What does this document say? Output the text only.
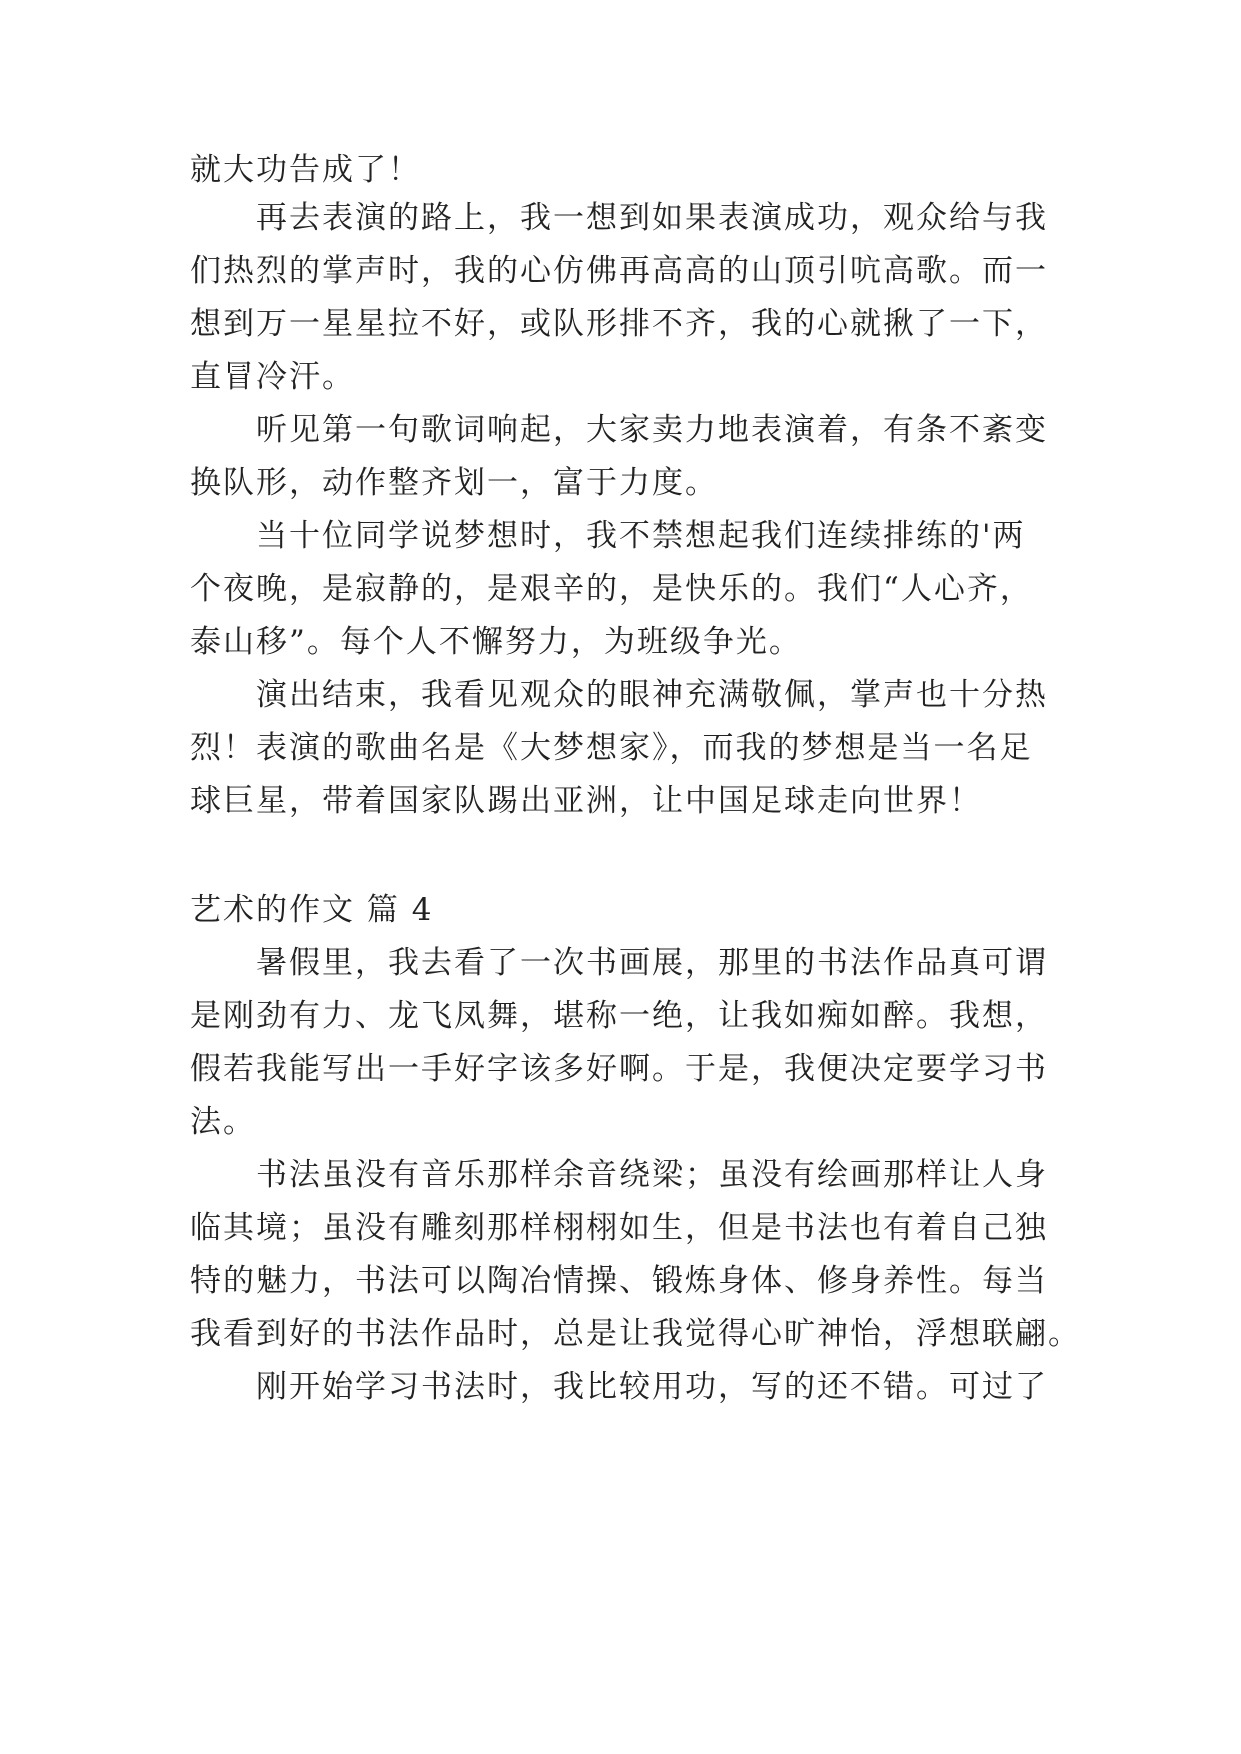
就大功告成了！
再去表演的路上，我一想到如果表演成功，观众给与我
们热烈的掌声时，我的心仿佛再高高的山顶引吭高歌。而一
想到万一星星拉不好，或队形排不齐，我的心就揪了一下，
直冒冷汗。
听见第一句歌词响起，大家卖力地表演着，有条不紊变
换队形，动作整齐划一，富于力度。
当十位同学说梦想时，我不禁想起我们连续排练的'两
个夜晚，是寂静的，是艰辛的，是快乐的。我们“人心齐，
泰山移”。每个人不懈努力，为班级争光。
演出结束，我看见观众的眼神充满敬佩，掌声也十分热
烈！表演的歌曲名是《大梦想家》，而我的梦想是当一名足
球巨星，带着国家队踢出亚洲，让中国足球走向世界！
艺术的作文 篇 4
暑假里，我去看了一次书画展，那里的书法作品真可谓
是刚劲有力、龙飞凤舞，堪称一绝，让我如痴如醉。我想，
假若我能写出一手好字该多好啊。于是，我便决定要学习书
法。
书法虽没有音乐那样余音绕梁；虽没有绘画那样让人身
临其境；虽没有雕刻那样栩栩如生，但是书法也有着自己独
特的魅力，书法可以陶冶情操、锻炼身体、修身养性。每当
我看到好的书法作品时，总是让我觉得心旷神怡，浮想联翩。
刚开始学习书法时，我比较用功，写的还不错。可过了
